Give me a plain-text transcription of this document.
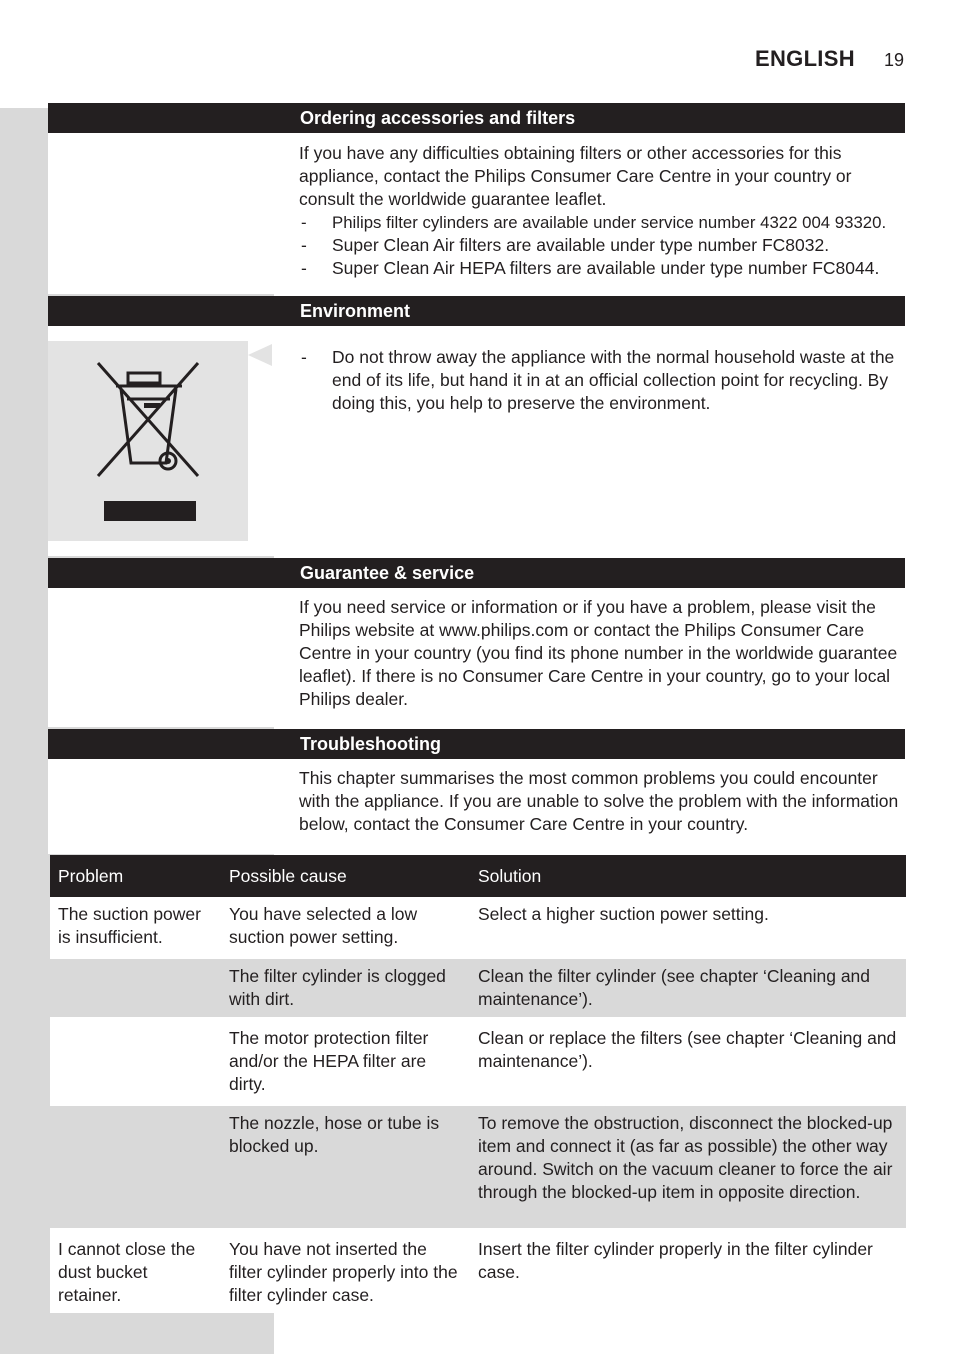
ENGLISH 19
Ordering accessories and filters

If you have any difficulties obtaining filters or other accessories for this appliance, contact the Philips Consumer Care Centre in your country or consult the worldwide guarantee leaflet.

- Philips filter cylinders are available under service number 4322 004 93320.
- Super Clean Air filters are available under type number FC8032.
- Super Clean Air HEPA filters are available under type number FC8044.
Environment
- Do not throw away the appliance with the normal household waste at the end of its life, but hand it in at an official collection point for recycling. By doing this, you help to preserve the environment.
Guarantee & service

If you need service or information or if you have a problem, please visit the Philips website at www.philips.com or contact the Philips Consumer Care Centre in your country (you find its phone number in the worldwide guarantee leaflet). If there is no Consumer Care Centre in your country, go to your local Philips dealer.

Troubleshooting

This chapter summarises the most common problems you could encounter with the appliance. If you are unable to solve the problem with the information below, contact the Consumer Care Centre in your country.

Problem	Possible cause	Solution
The suction power is insufficient.	You have selected a low suction power setting.	Select a higher suction power setting.
	The filter cylinder is clogged with dirt.	Clean the filter cylinder (see chapter ‘Cleaning and maintenance’).
	The motor protection filter and/or the HEPA filter are dirty.	Clean or replace the filters (see chapter ‘Cleaning and maintenance’).
	The nozzle, hose or tube is blocked up.	To remove the obstruction, disconnect the blocked-up item and connect it (as far as possible) the other way around. Switch on the vacuum cleaner to force the air through the blocked-up item in opposite direction.
I cannot close the dust bucket retainer.	You have not inserted the filter cylinder properly into the filter cylinder case.	Insert the filter cylinder properly in the filter cylinder case.
